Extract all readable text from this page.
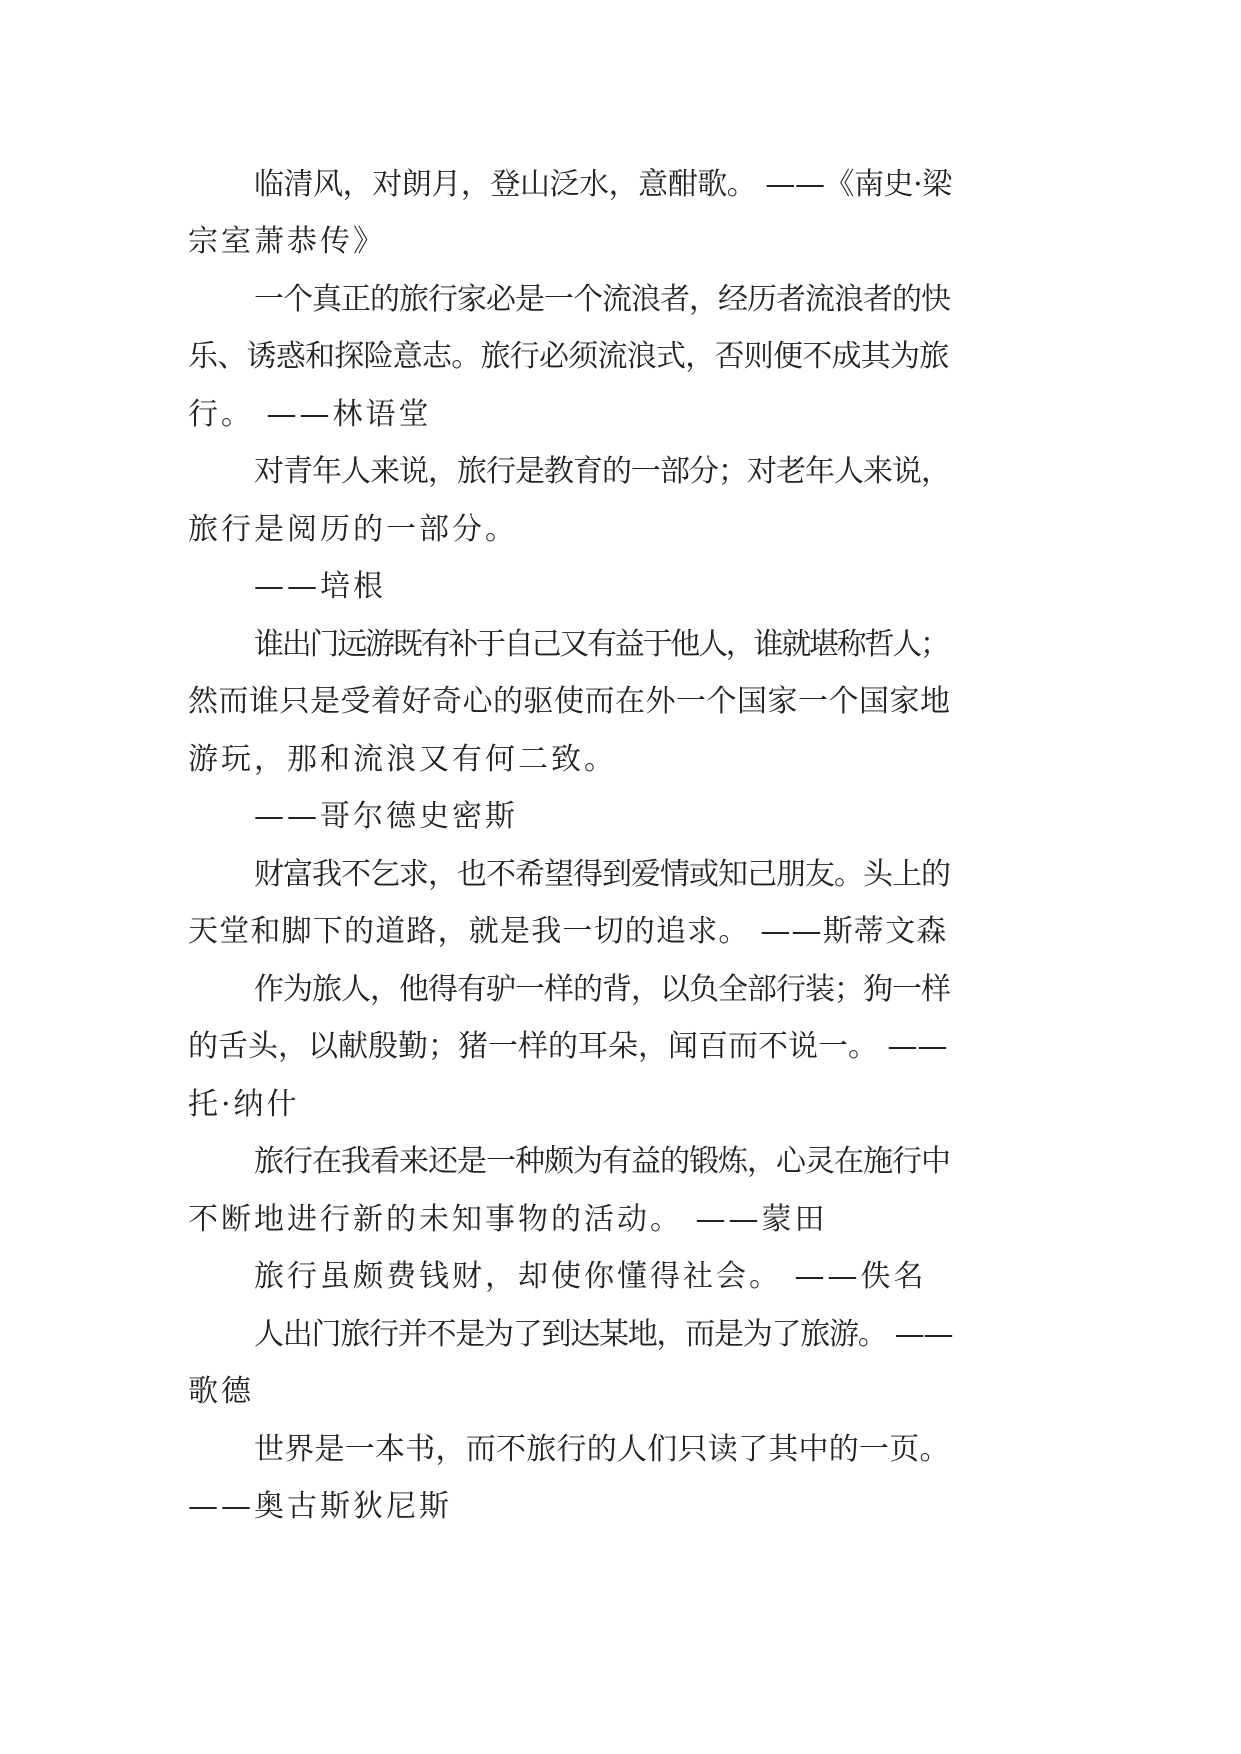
临清风，对朗月，登山泛水，意酣歌。 ——《南史·梁

宗室萧恭传》

一个真正的旅行家必是一个流浪者，经历者流浪者的快

乐、诱惑和探险意志。旅行必须流浪式，否则便不成其为旅

行。 ——林语堂

对青年人来说，旅行是教育的一部分；对老年人来说，

旅行是阅历的一部分。

——培根

谁出门远游既有补于自己又有益于他人，谁就堪称哲人；

然而谁只是受着好奇心的驱使而在外一个国家一个国家地

游玩，那和流浪又有何二致。

——哥尔德史密斯

财富我不乞求，也不希望得到爱情或知己朋友。头上的

天堂和脚下的道路，就是我一切的追求。 ——斯蒂文森

作为旅人，他得有驴一样的背，以负全部行装；狗一样

的舌头，以献殷勤；猪一样的耳朵，闻百而不说一。 ——

托·纳什

旅行在我看来还是一种颇为有益的锻炼，心灵在施行中

不断地进行新的未知事物的活动。 ——蒙田

旅行虽颇费钱财，却使你懂得社会。 ——佚名

人出门旅行并不是为了到达某地，而是为了旅游。 ——

歌德

世界是一本书，而不旅行的人们只读了其中的一页。

——奥古斯狄尼斯
